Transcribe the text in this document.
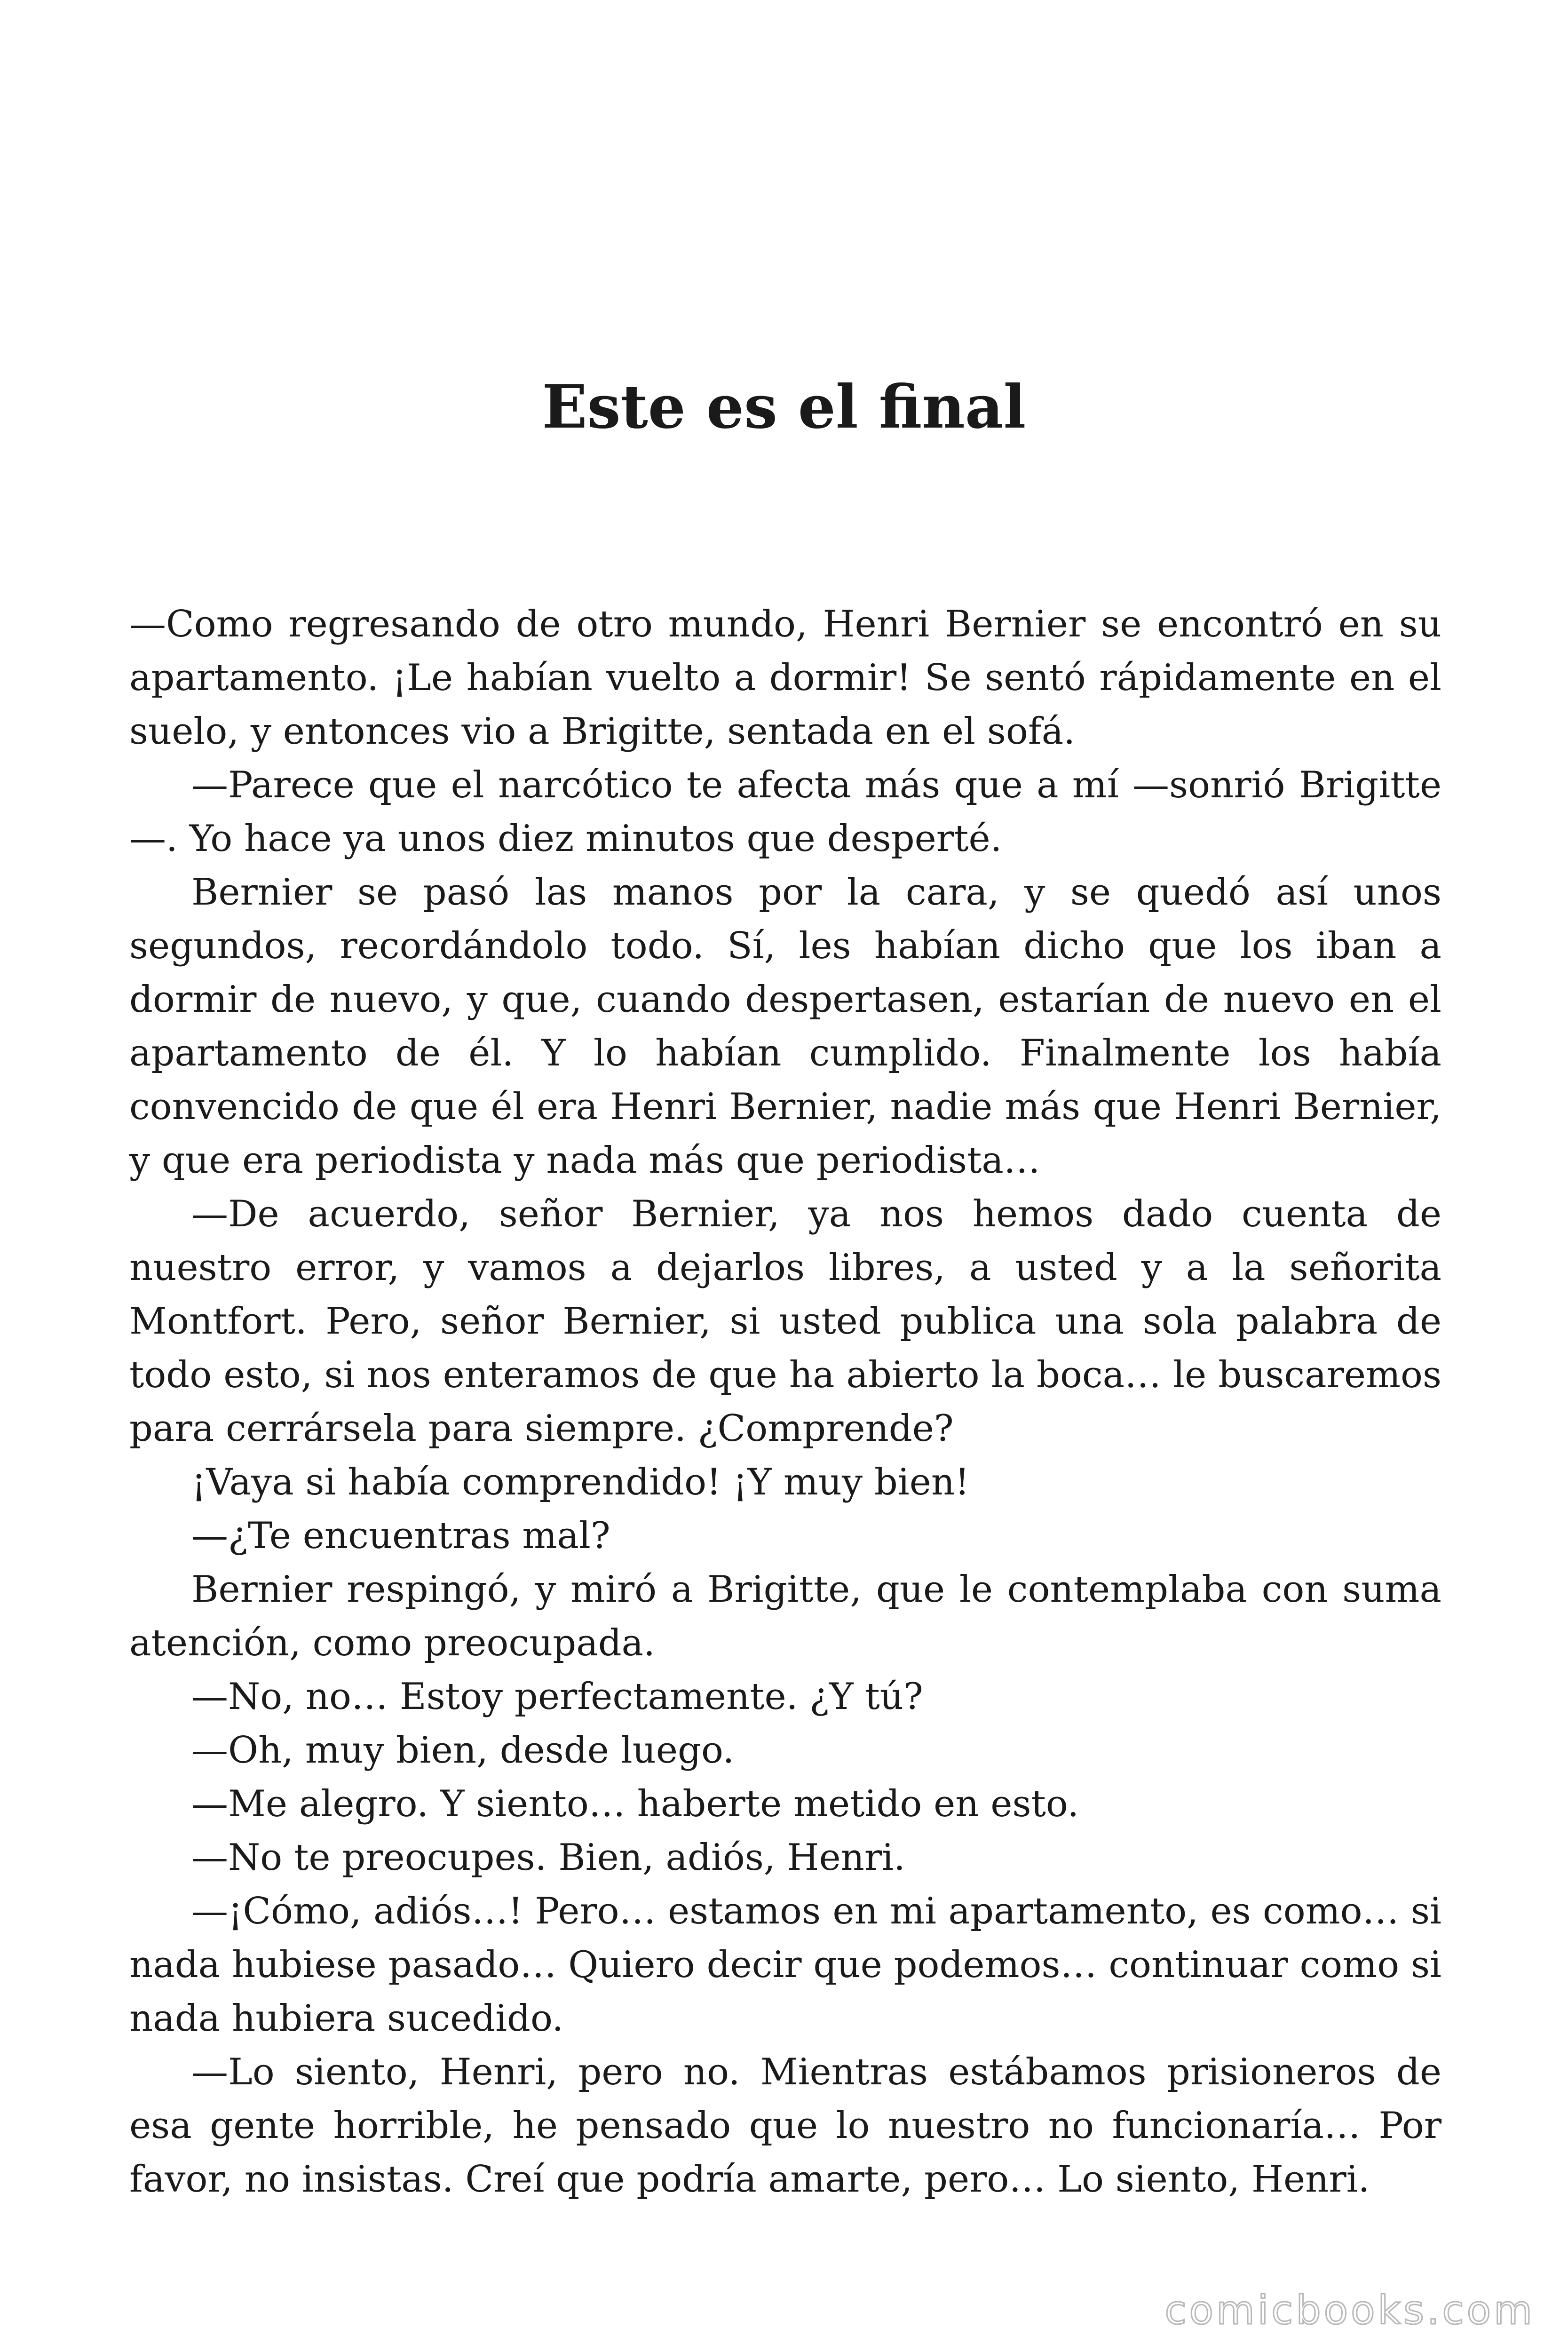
Este es el final

—Como regresando de otro mundo, Henri Bernier se encontró en su apartamento. ¡Le habían vuelto a dormir! Se sentó rápidamente en el suelo, y entonces vio a Brigitte, sentada en el sofá.

—Parece que el narcótico te afecta más que a mí —sonrió Brigitte—. Yo hace ya unos diez minutos que desperté.

Bernier se pasó las manos por la cara, y se quedó así unos segundos, recordándolo todo. Sí, les habían dicho que los iban a dormir de nuevo, y que, cuando despertasen, estarían de nuevo en el apartamento de él. Y lo habían cumplido. Finalmente los había convencido de que él era Henri Bernier, nadie más que Henri Bernier, y que era periodista y nada más que periodista…

—De acuerdo, señor Bernier, ya nos hemos dado cuenta de nuestro error, y vamos a dejarlos libres, a usted y a la señorita Montfort. Pero, señor Bernier, si usted publica una sola palabra de todo esto, si nos enteramos de que ha abierto la boca… le buscaremos para cerrársela para siempre. ¿Comprende?

¡Vaya si había comprendido! ¡Y muy bien!

—¿Te encuentras mal?

Bernier respingó, y miró a Brigitte, que le contemplaba con suma atención, como preocupada.

—No, no… Estoy perfectamente. ¿Y tú?

—Oh, muy bien, desde luego.

—Me alegro. Y siento… haberte metido en esto.

—No te preocupes. Bien, adiós, Henri.

—¡Cómo, adiós…! Pero… estamos en mi apartamento, es como… si nada hubiese pasado… Quiero decir que podemos… continuar como si nada hubiera sucedido.

—Lo siento, Henri, pero no. Mientras estábamos prisioneros de esa gente horrible, he pensado que lo nuestro no funcionaría… Por favor, no insistas. Creí que podría amarte, pero… Lo siento, Henri.

comicbooks.com
